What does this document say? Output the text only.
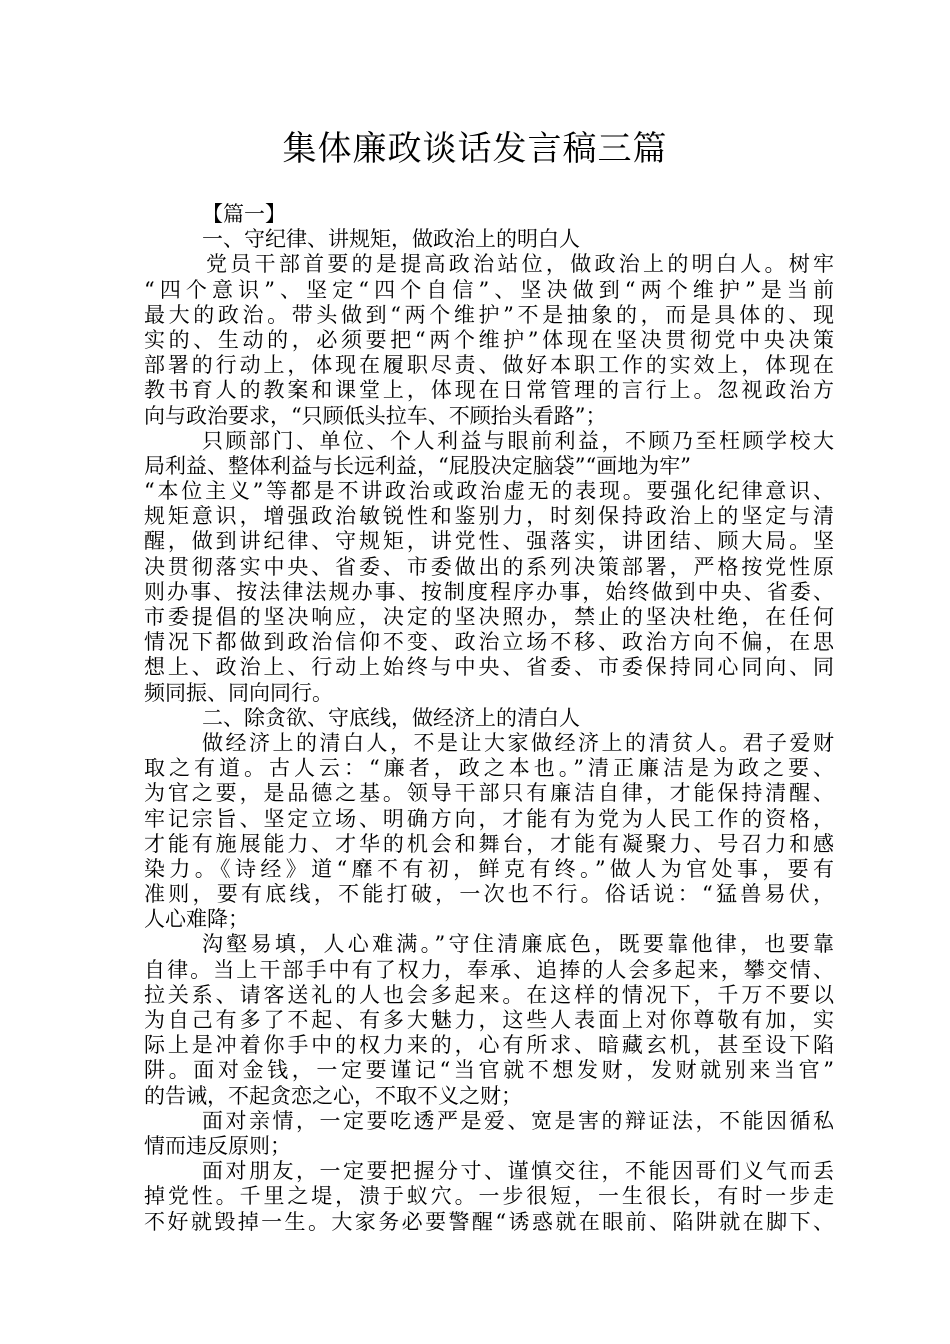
集体廉政谈话发言稿三篇
【篇一】
一、守纪律、讲规矩，做政治上的明白人
党员干部首要的是提高政治站位，做政治上的明白人。树牢
“四个意识”、坚定“四个自信”、坚决做到“两个维护”是当前
最大的政治。带头做到“两个维护”不是抽象的，而是具体的、现
实的、生动的，必须要把“两个维护”体现在坚决贯彻党中央决策
部署的行动上，体现在履职尽责、做好本职工作的实效上，体现在
教书育人的教案和课堂上，体现在日常管理的言行上。忽视政治方
向与政治要求，“只顾低头拉车、不顾抬头看路”；
只顾部门、单位、个人利益与眼前利益，不顾乃至枉顾学校大
局利益、整体利益与长远利益，“屁股决定脑袋”“画地为牢”
“本位主义”等都是不讲政治或政治虚无的表现。要强化纪律意识、
规矩意识，增强政治敏锐性和鉴别力，时刻保持政治上的坚定与清
醒，做到讲纪律、守规矩，讲党性、强落实，讲团结、顾大局。坚
决贯彻落实中央、省委、市委做出的系列决策部署，严格按党性原
则办事、按法律法规办事、按制度程序办事，始终做到中央、省委、
市委提倡的坚决响应，决定的坚决照办，禁止的坚决杜绝，在任何
情况下都做到政治信仰不变、政治立场不移、政治方向不偏，在思
想上、政治上、行动上始终与中央、省委、市委保持同心同向、同
频同振、同向同行。
二、除贪欲、守底线，做经济上的清白人
做经济上的清白人，不是让大家做经济上的清贫人。君子爱财
取之有道。古人云：“廉者，政之本也。”清正廉洁是为政之要、
为官之要，是品德之基。领导干部只有廉洁自律，才能保持清醒、
牢记宗旨、坚定立场、明确方向，才能有为党为人民工作的资格，
才能有施展能力、才华的机会和舞台，才能有凝聚力、号召力和感
染力。《诗经》道“靡不有初，鲜克有终。”做人为官处事，要有
准则，要有底线，不能打破，一次也不行。俗话说：“猛兽易伏，
人心难降；
沟壑易填，人心难满。”守住清廉底色，既要靠他律，也要靠
自律。当上干部手中有了权力，奉承、追捧的人会多起来，攀交情、
拉关系、请客送礼的人也会多起来。在这样的情况下，千万不要以
为自己有多了不起、有多大魅力，这些人表面上对你尊敬有加，实
际上是冲着你手中的权力来的，心有所求、暗藏玄机，甚至设下陷
阱。面对金钱，一定要谨记“当官就不想发财，发财就别来当官”
的告诫，不起贪恋之心，不取不义之财；
面对亲情，一定要吃透严是爱、宽是害的辩证法，不能因循私
情而违反原则；
面对朋友，一定要把握分寸、谨慎交往，不能因哥们义气而丢
掉党性。千里之堤，溃于蚁穴。一步很短，一生很长，有时一步走
不好就毁掉一生。大家务必要警醒“诱惑就在眼前、陷阱就在脚下、
